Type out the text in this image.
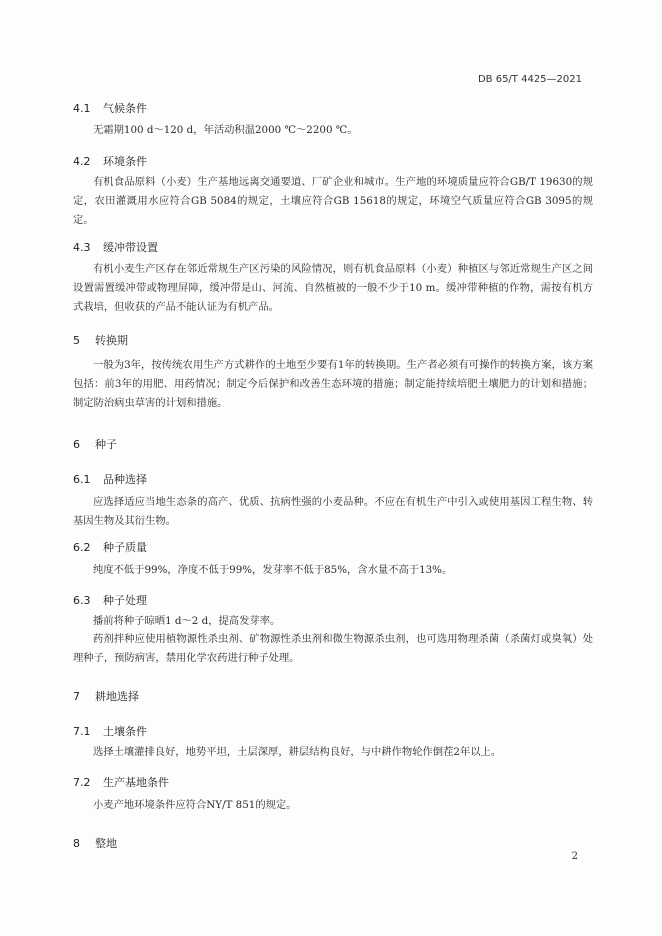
DB 65/T 4425—2021
4.1 气候条件
无霜期100 d～120 d，年活动积温2000 ℃～2200 ℃。
4.2 环境条件
有机食品原料（小麦）生产基地远离交通要道、厂矿企业和城市。生产地的环境质量应符合GB/T 19630的规定，农田灌溉用水应符合GB 5084的规定，土壤应符合GB 15618的规定，环境空气质量应符合GB 3095的规定。
4.3 缓冲带设置
有机小麦生产区存在邻近常规生产区污染的风险情况，则有机食品原料（小麦）种植区与邻近常规生产区之间设置需置缓冲带或物理屏障，缓冲带是山、河流、自然植被的一般不少于10 m。缓冲带种植的作物，需按有机方式栽培，但收获的产品不能认证为有机产品。
5 转换期
一般为3年，按传统农用生产方式耕作的土地至少要有1年的转换期。生产者必须有可操作的转换方案，该方案包括：前3年的用肥、用药情况；制定今后保护和改善生态环境的措施；制定能持续培肥土壤肥力的计划和措施；制定防治病虫草害的计划和措施。
6 种子
6.1 品种选择
应选择适应当地生态条的高产、优质、抗病性强的小麦品种。不应在有机生产中引入或使用基因工程生物、转基因生物及其衍生物。
6.2 种子质量
纯度不低于99%，净度不低于99%，发芽率不低于85%，含水量不高于13%。
6.3 种子处理
播前将种子晾晒1 d～2 d，提高发芽率。
药剂拌种应使用植物源性杀虫剂、矿物源性杀虫剂和微生物源杀虫剂，也可选用物理杀菌（杀菌灯或臭氧）处理种子，预防病害，禁用化学农药进行种子处理。
7 耕地选择
7.1 土壤条件
选择土壤灌排良好，地势平坦，土层深厚，耕层结构良好，与中耕作物轮作倒茬2年以上。
7.2 生产基地条件
小麦产地环境条件应符合NY/T 851的规定。
8 整地
2
